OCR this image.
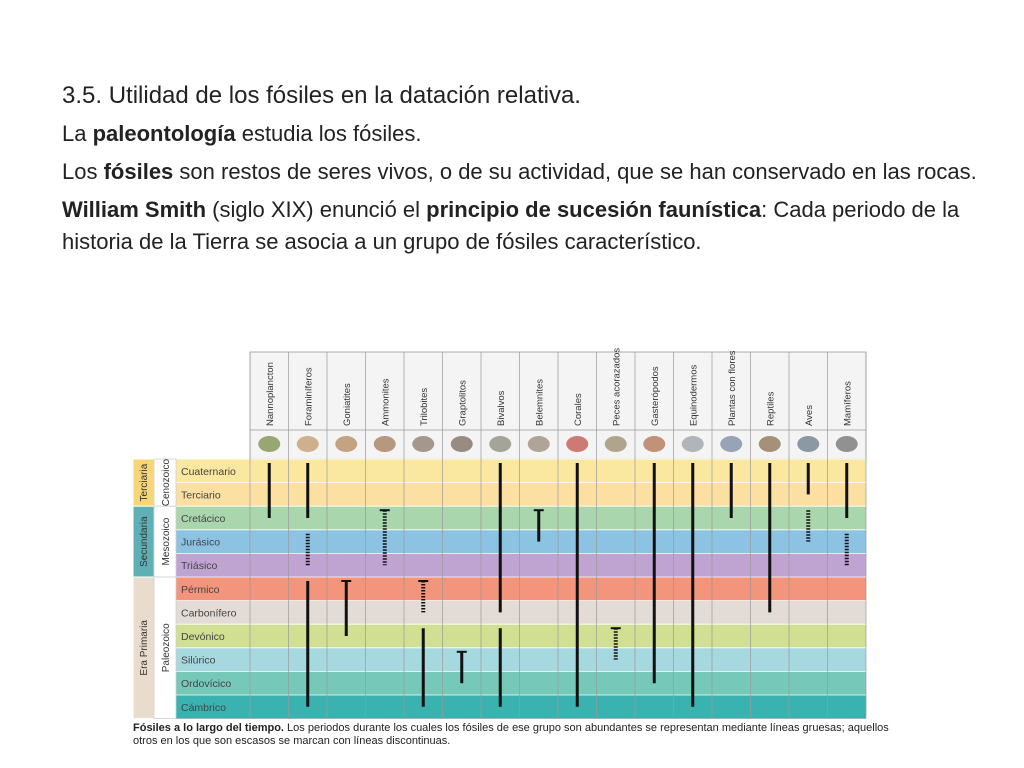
3.5. Utilidad de los fósiles en la datación relativa.

La paleontología estudia los fósiles.

Los fósiles son restos de seres vivos, o de su actividad, que se han conservado en las rocas.

William Smith (siglo XIX) enunció el principio de sucesión faunística: Cada periodo de la historia de la Tierra se asocia a un grupo de fósiles característico.

Cuaternario
Terciario
Cretácico
Jurásico
Triásico
Pérmico
Carbonífero
Devónico
Silúrico
Ordovícico
Cámbrico
Terciaria Cenozoico
Secundaria Mesozoico
Era Primaria Paleozoico
Nannoplancton	Foraminíferos	Goniatites	Ammonites	Trilobites	Graptolitos	Bivalvos	Belemnites	Corales	Peces acorazados	Gasterópodos	Equinodermos	Plantas con flores	Reptiles	Aves	Mamíferos
Fósiles a lo largo del tiempo. Los periodos durante los cuales los fósiles de ese grupo son abundantes se representan mediante líneas gruesas; aquellos otros en los que son escasos se marcan con líneas discontinuas.
